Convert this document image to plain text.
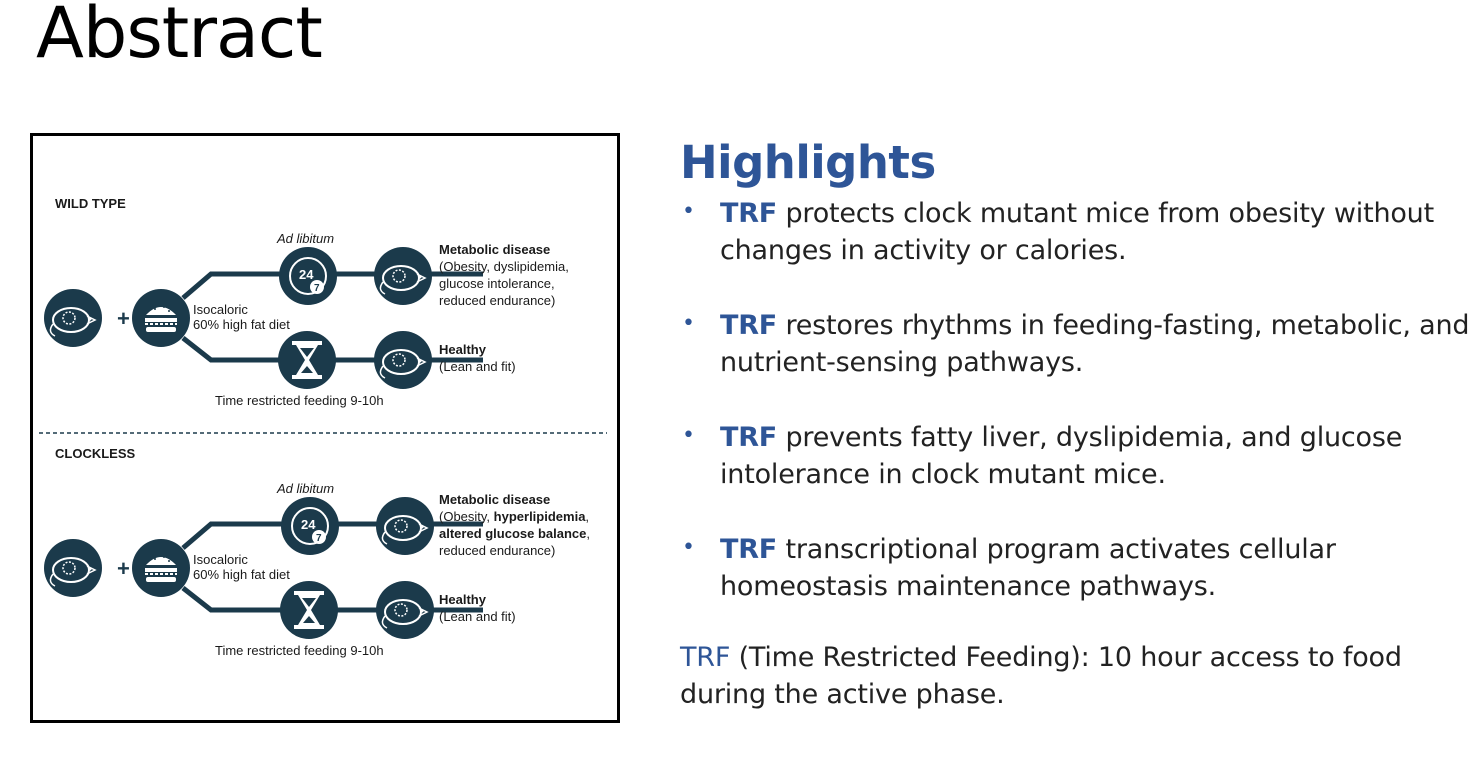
Abstract
WILD TYPE
+
Ad libitum
24
7
Metabolic disease
(Obesity, dyslipidemia,
glucose intolerance,
reduced endurance)
Isocaloric
60% high fat diet
Healthy
(Lean and fit)
Time restricted feeding 9-10h
CLOCKLESS
+
Ad libitum
24
7
Metabolic disease
(Obesity, hyperlipidemia,
altered glucose balance,
reduced endurance)
Isocaloric
60% high fat diet
Healthy
(Lean and fit)
Time restricted feeding 9-10h
Highlights
• TRF protects clock mutant mice from obesity without changes in activity or calories.
• TRF restores rhythms in feeding-fasting, metabolic, and nutrient-sensing pathways.
• TRF prevents fatty liver, dyslipidemia, and glucose intolerance in clock mutant mice.
• TRF transcriptional program activates cellular homeostasis maintenance pathways.
TRF (Time Restricted Feeding): 10 hour access to food during the active phase.
